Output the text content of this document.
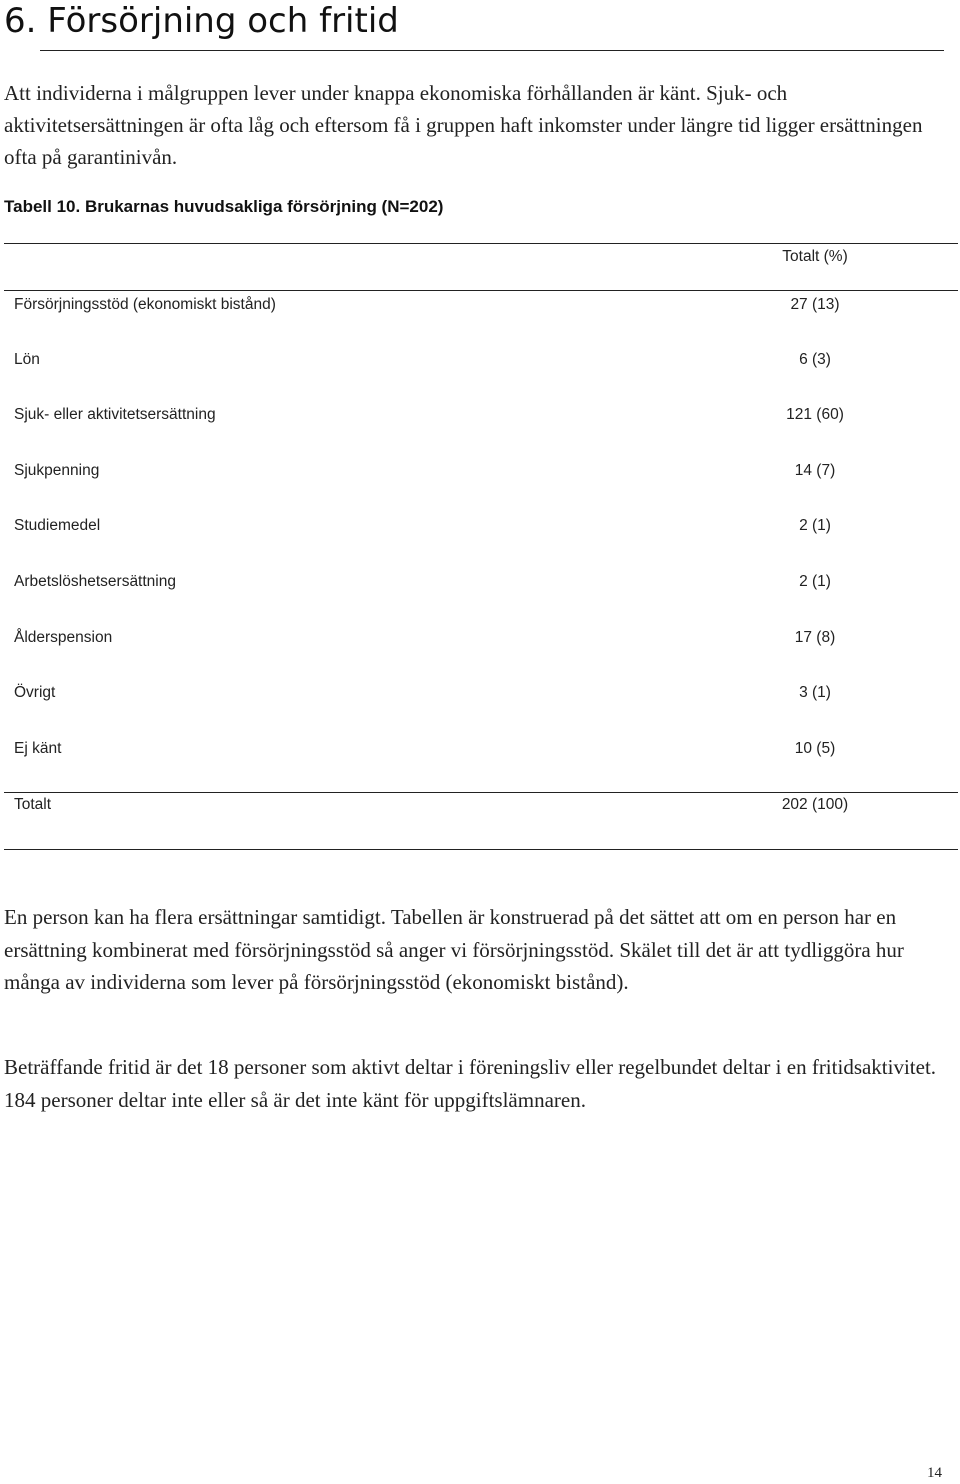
6. Försörjning och fritid

Att individerna i målgruppen lever under knappa ekonomiska förhållanden är känt. Sjuk- och aktivitetsersättningen är ofta låg och eftersom få i gruppen haft inkomster under längre tid ligger ersättningen ofta på garantinivån.

Tabell 10. Brukarnas huvudsakliga försörjning (N=202)
Totalt (%)
Försörjningsstöd (ekonomiskt bistånd)	27 (13)
Lön	6 (3)
Sjuk- eller aktivitetsersättning	121 (60)
Sjukpenning	14 (7)
Studiemedel	2 (1)
Arbetslöshetsersättning	2 (1)
Ålderspension	17 (8)
Övrigt	3 (1)
Ej känt	10 (5)
Totalt	202 (100)

En person kan ha flera ersättningar samtidigt. Tabellen är konstruerad på det sättet att om en person har en ersättning kombinerat med försörjningsstöd så anger vi försörjningsstöd. Skälet till det är att tydliggöra hur många av individerna som lever på försörjningsstöd (ekonomiskt bistånd).

Beträffande fritid är det 18 personer som aktivt deltar i föreningsliv eller regelbundet deltar i en fritidsaktivitet. 184 personer deltar inte eller så är det inte känt för uppgiftslämnaren.

14
